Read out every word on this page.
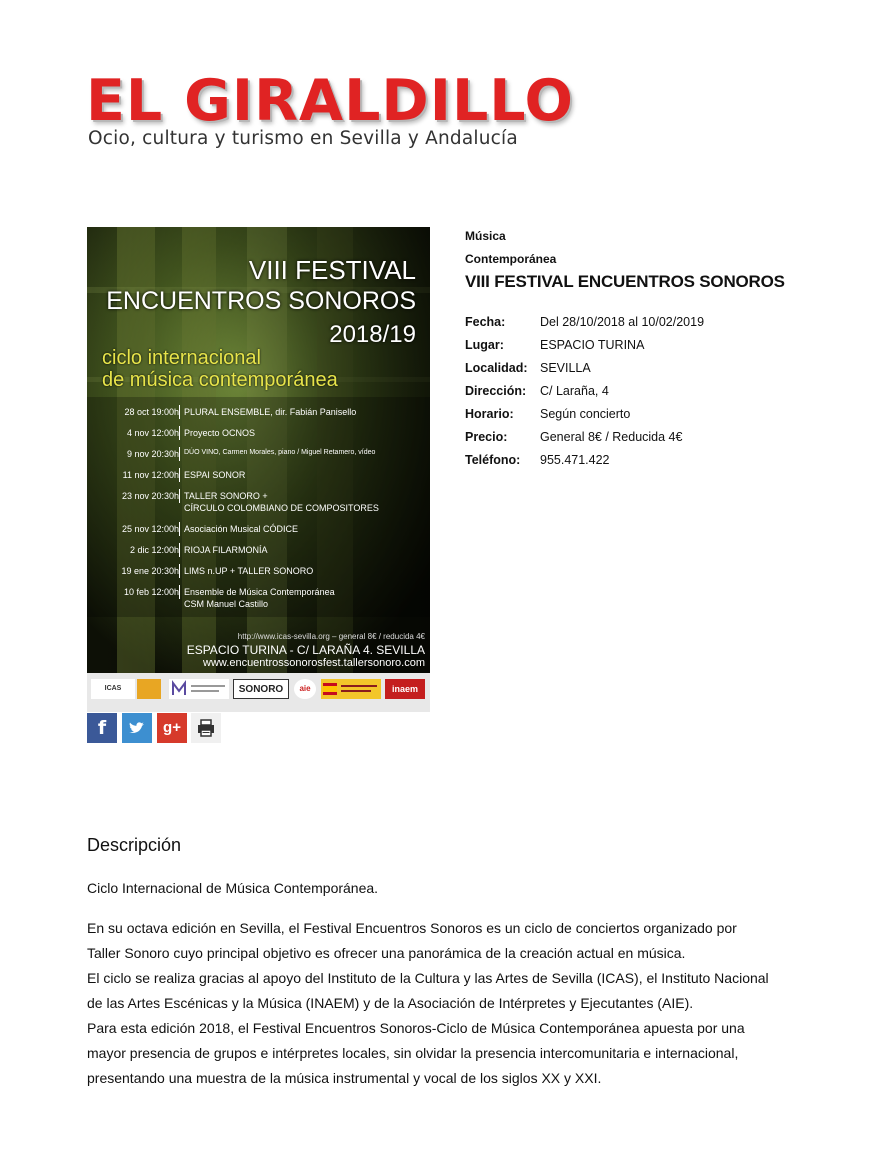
EL GIRALDILLO
Ocio, cultura y turismo en Sevilla y Andalucía
VIII FESTIVAL
ENCUENTROS SONOROS
2018/19
ciclo internacional
de música contemporánea
28 oct 19:00h PLURAL ENSEMBLE, dir. Fabián Panisello
4 nov 12:00h Proyecto OCNOS
9 nov 20:30h DÚO VINO, Carmen Morales, piano / Miguel Retamero, vídeo
11 nov 12:00h ESPAI SONOR
23 nov 20:30h TALLER SONORO +
CÍRCULO COLOMBIANO DE COMPOSITORES
25 nov 12:00h Asociación Musical CÓDICE
2 dic 12:00h RIOJA FILARMONÍA
19 ene 20:30h LIMS n.UP + TALLER SONORO
10 feb 12:00h Ensemble de Música Contemporánea
CSM Manuel Castillo
http://www.icas-sevilla.org – general 8€ / reducida 4€
ESPACIO TURINA - C/ LARAÑA 4. SEVILLA
www.encuentrossonorosfest.tallersonoro.com
ICAS	SONORO	aie	inaem
f	g+
Música
Contemporánea
VIII FESTIVAL ENCUENTROS SONOROS
Fecha:	Del 28/10/2018 al 10/02/2019
Lugar:	ESPACIO TURINA
Localidad: SEVILLA
Dirección: C/ Laraña, 4
Horario: Según concierto
Precio:	General 8€ / Reducida 4€
Teléfono: 955.471.422
Descripción
Ciclo Internacional de Música Contemporánea.
En su octava edición en Sevilla, el Festival Encuentros Sonoros es un ciclo de conciertos organizado por
Taller Sonoro cuyo principal objetivo es ofrecer una panorámica de la creación actual en música.
El ciclo se realiza gracias al apoyo del Instituto de la Cultura y las Artes de Sevilla (ICAS), el Instituto Nacional
de las Artes Escénicas y la Música (INAEM) y de la Asociación de Intérpretes y Ejecutantes (AIE).
Para esta edición 2018, el Festival Encuentros Sonoros-Ciclo de Música Contemporánea apuesta por una
mayor presencia de grupos e intérpretes locales, sin olvidar la presencia intercomunitaria e internacional,
presentando una muestra de la música instrumental y vocal de los siglos XX y XXI.
